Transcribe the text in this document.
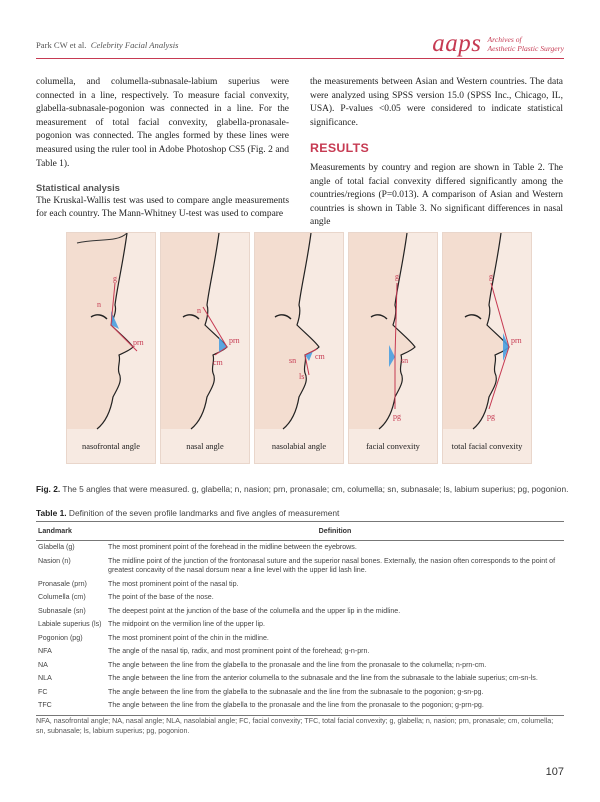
Park CW et al. Celebrity Facial Analysis	aaps Archives of
Aesthetic Plastic Surgery

columella, and columella-subnasale-labium superius were connected in a line, respectively. To measure facial convexity, glabella-subnasale-pogonion was connected in a line. For the measurement of total facial convexity, glabella-pronasale-pogonion was connected. The angles formed by these lines were measured using the ruler tool in Adobe Photoshop CS5 (Fig. 2 and Table 1).

Statistical analysis

The Kruskal-Wallis test was used to compare angle measurements for each country. The Mann-Whitney U-test was used to compare

the measurements between Asian and Western countries. The data were analyzed using SPSS version 15.0 (SPSS Inc., Chicago, IL, USA). P-values <0.05 were considered to indicate statistical significance.

RESULTS

Measurements by country and region are shown in Table 2. The angle of total facial convexity differed significantly among the countries/regions (P=0.013). A comparison of Asian and Western countries is shown in Table 3. No significant differences in nasal angle

g
n
prn
nasofrontal angle
n
prn
cm
nasal angle
cm
sn
ls
nasolabial angle
g
sn
pg
facial convexity
g
prn
pg
total facial convexity
Fig. 2. The 5 angles that were measured. g, glabella; n, nasion; prn, pronasale; cm, columella; sn, subnasale; ls, labium superius; pg, pogonion.
Table 1. Definition of the seven profile landmarks and five angles of measurement
Landmark	Definition
Glabella (g)	The most prominent point of the forehead in the midline between the eyebrows.
Nasion (n)	The midline point of the junction of the frontonasal suture and the superior nasal bones. Externally, the nasion often corresponds to the point of greatest concavity of the nasal dorsum near a line level with the upper lid lash line.
Pronasale (prn)	The most prominent point of the nasal tip.
Columella (cm)	The point of the base of the nose.
Subnasale (sn)	The deepest point at the junction of the base of the columella and the upper lip in the midline.
Labiale superius (ls)	The midpoint on the vermilion line of the upper lip.
Pogonion (pg)	The most prominent point of the chin in the midline.
NFA	The angle of the nasal tip, radix, and most prominent point of the forehead; g-n-prn.
NA	The angle between the line from the glabella to the pronasale and the line from the pronasale to the columella; n-prn-cm.
NLA	The angle between the line from the anterior columella to the subnasale and the line from the subnasale to the labiale superius; cm-sn-ls.
FC	The angle between the line from the glabella to the subnasale and the line from the subnasale to the pogonion; g-sn-pg.
TFC	The angle between the line from the glabella to the pronasale and the line from the pronasale to the pogonion; g-prn-pg.
NFA, nasofrontal angle; NA, nasal angle; NLA, nasolabial angle; FC, facial convexity; TFC, total facial convexity; g, glabella; n, nasion; prn, pronasale; cm, columella; sn, subnasale; ls, labium superius; pg, pogonion.
107
